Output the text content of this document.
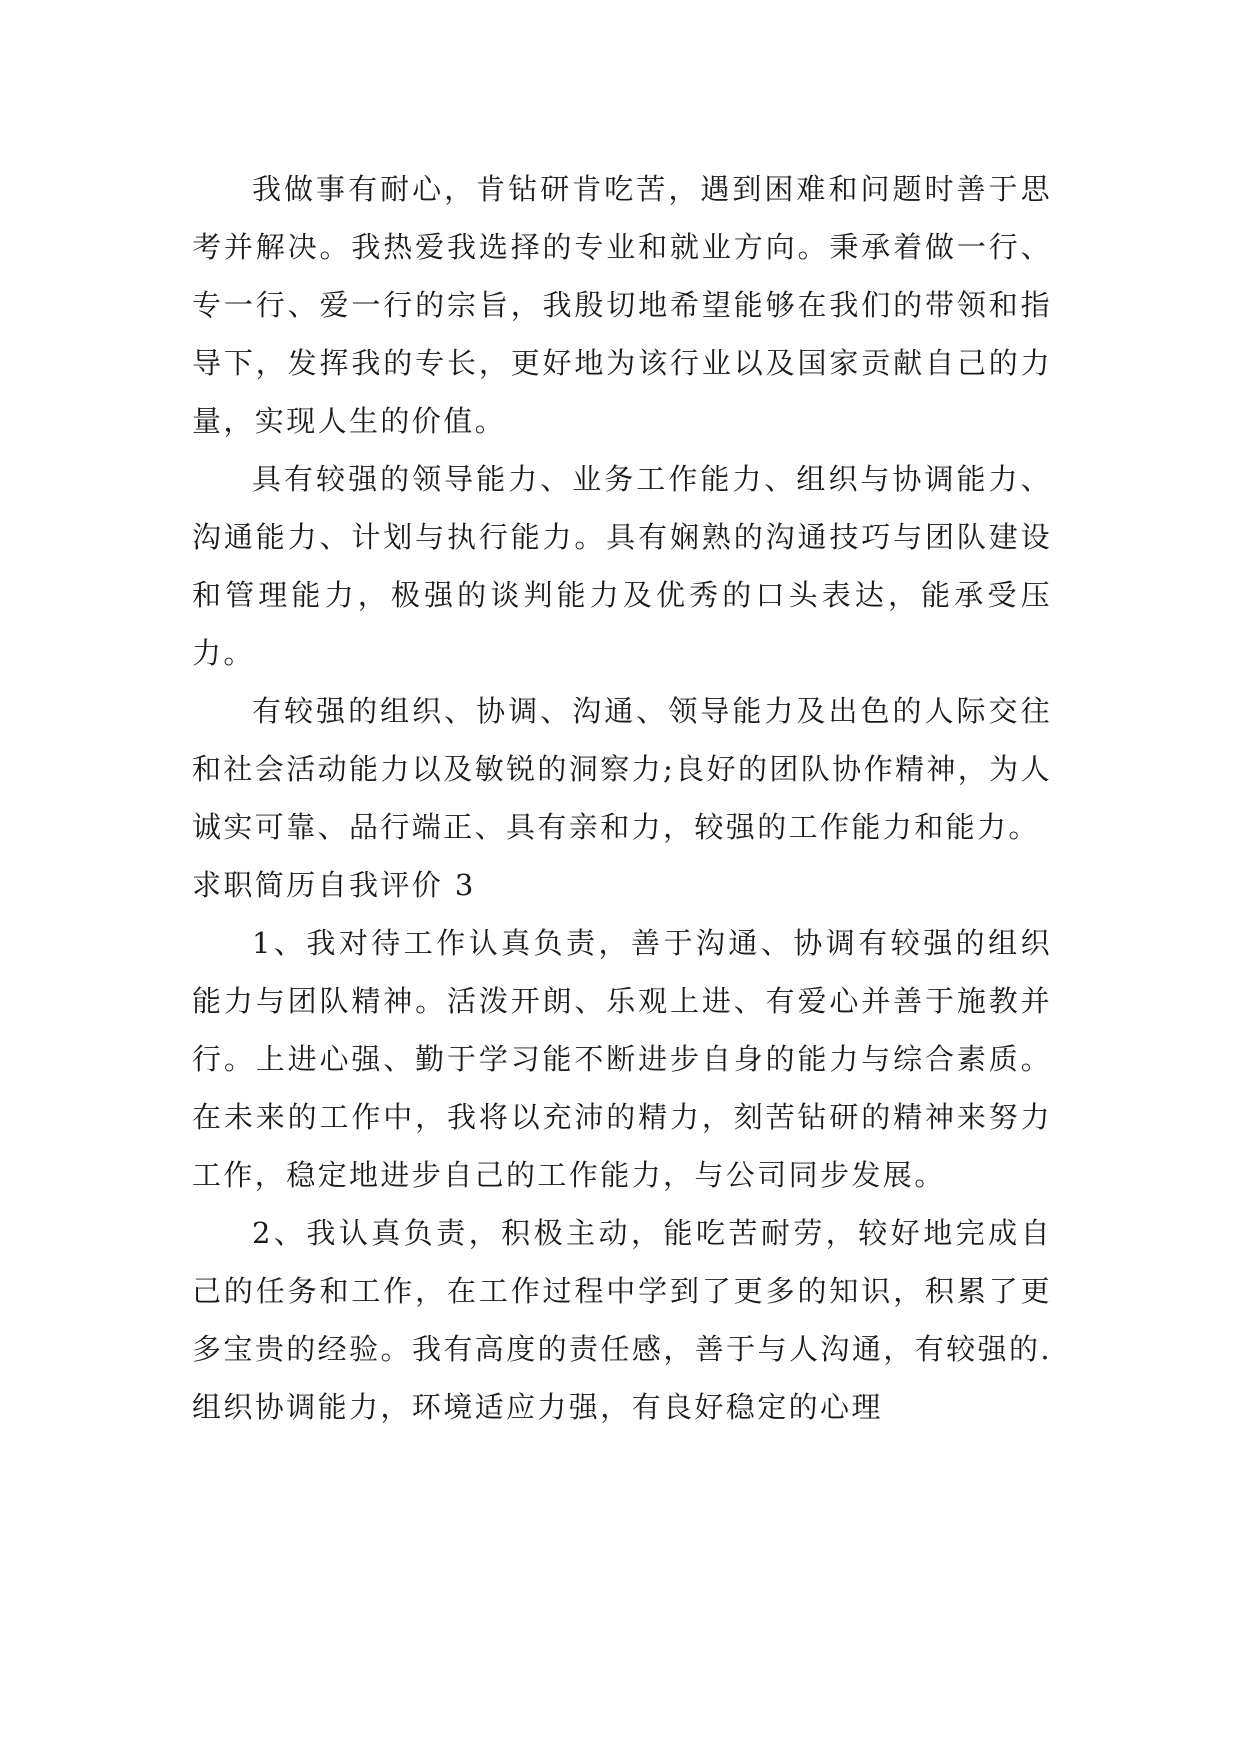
我做事有耐心，肯钻研肯吃苦，遇到困难和问题时善于思考并解决。我热爱我选择的专业和就业方向。秉承着做一行、专一行、爱一行的宗旨，我殷切地希望能够在我们的带领和指导下，发挥我的专长，更好地为该行业以及国家贡献自己的力量，实现人生的价值。

具有较强的领导能力、业务工作能力、组织与协调能力、沟通能力、计划与执行能力。具有娴熟的沟通技巧与团队建设和管理能力，极强的谈判能力及优秀的口头表达，能承受压力。

有较强的组织、协调、沟通、领导能力及出色的人际交往和社会活动能力以及敏锐的洞察力;良好的团队协作精神，为人诚实可靠、品行端正、具有亲和力，较强的工作能力和能力。

求职简历自我评价 3

1、我对待工作认真负责，善于沟通、协调有较强的组织能力与团队精神。活泼开朗、乐观上进、有爱心并善于施教并行。上进心强、勤于学习能不断进步自身的能力与综合素质。在未来的工作中，我将以充沛的精力，刻苦钻研的精神来努力工作，稳定地进步自己的工作能力，与公司同步发展。

2、我认真负责，积极主动，能吃苦耐劳，较好地完成自己的任务和工作，在工作过程中学到了更多的知识，积累了更多宝贵的经验。我有高度的责任感，善于与人沟通，有较强的.组织协调能力，环境适应力强，有良好稳定的心理
